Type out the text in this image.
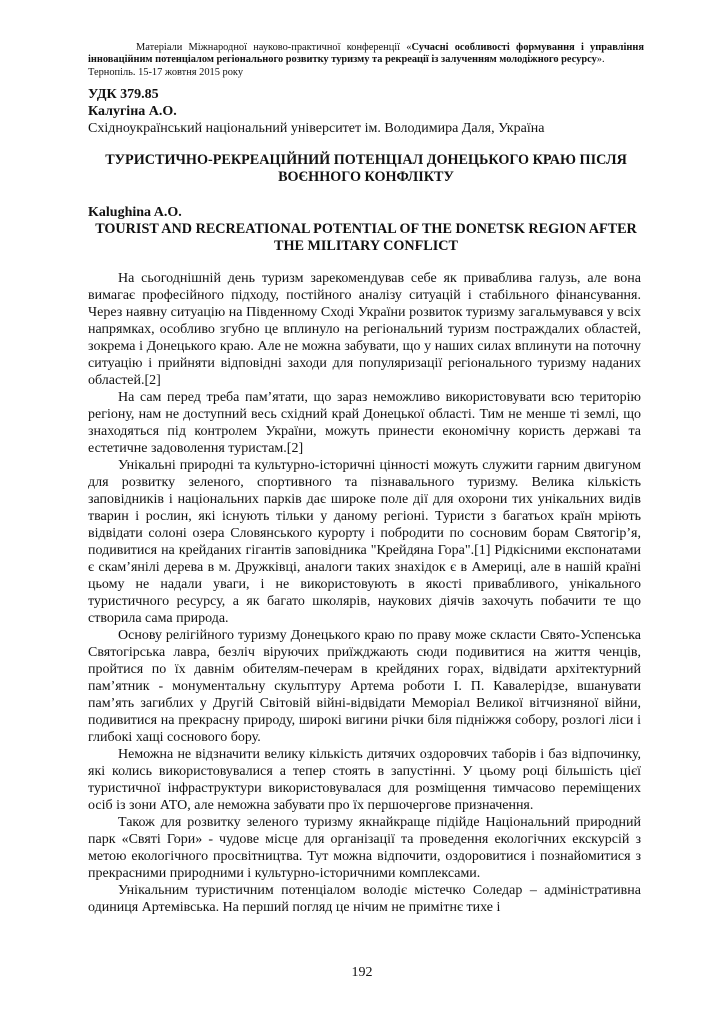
Матеріали Міжнародної науково-практичної конференції «Сучасні особливості формування і управління інноваційним потенціалом регіонального розвитку туризму та рекреації із залученням молодіжного ресурсу».
Тернопіль. 15-17 жовтня 2015 року
УДК 379.85
Калугіна А.О.
Східноукраїнський національний університет ім. Володимира Даля, Україна
ТУРИСТИЧНО-РЕКРЕАЦІЙНИЙ ПОТЕНЦІАЛ ДОНЕЦЬКОГО КРАЮ ПІСЛЯ ВОЄННОГО КОНФЛІКТУ
Kalughina A.O.
TOURIST AND RECREATIONAL POTENTIAL OF THE DONETSK REGION AFTER THE MILITARY CONFLICT

На сьогоднішній день туризм зарекомендував себе як приваблива галузь, але вона вимагає професійного підходу, постійного аналізу ситуацій і стабільного фінансування. Через наявну ситуацію на Південному Сході України розвиток туризму загальмувався у всіх напрямках, особливо згубно це вплинуло на регіональний туризм постраждалих областей, зокрема і Донецького краю. Але не можна забувати, що у наших силах вплинути на поточну ситуацію і прийняти відповідні заходи для популяризації регіонального туризму наданих областей.[2]

На сам перед треба пам’ятати, що зараз неможливо використовувати всю територію регіону, нам не доступний весь східний край Донецької області. Тим не менше ті землі, що знаходяться під контролем України, можуть принести економічну користь державі та естетичне задоволення туристам.[2]

Унікальні природні та культурно-історичні цінності можуть служити гарним двигуном для розвитку зеленого, спортивного та пізнавального туризму. Велика кількість заповідників і національних парків дає широке поле дії для охорони тих унікальних видів тварин і рослин, які існують тільки у даному регіоні. Туристи з багатьох країн мріють відвідати солоні озера Словянського курорту і побродити по сосновим борам Святогір’я, подивитися на крейданих гігантів заповідника "Крейдяна Гора".[1] Рідкісними експонатами є скам’янілі дерева в м. Дружківці, аналоги таких знахідок є в Америці, але в нашій країні цьому не надали уваги, і не використовують в якості привабливого, унікального туристичного ресурсу, а як багато школярів, наукових діячів захочуть побачити те що створила сама природа.

Основу релігійного туризму Донецького краю по праву може скласти Свято-Успенська Святогірська лавра, безліч віруючих приїжджають сюди подивитися на життя ченців, пройтися по їх давнім обителям-печерам в крейдяних горах, відвідати архітектурний пам’ятник - монументальну скульптуру Артема роботи І. П. Кавалерідзе, вшанувати пам’ять загиблих у Другій Світовій війні-відвідати Меморіал Великої вітчизняної війни, подивитися на прекрасну природу, широкі вигини річки біля підніжжя собору, розлогі ліси і глибокі хащі соснового бору.

Неможна не відзначити велику кількість дитячих оздоровчих таборів і баз відпочинку, які колись використовувалися а тепер стоять в запустінні. У цьому році більшість цієї туристичної інфраструктури використовувалася для розміщення тимчасово переміщених осіб із зони АТО, але неможна забувати про їх першочергове призначення.

Також для розвитку зеленого туризму якнайкраще підійде Національний природний парк «Святі Гори» - чудове місце для організації та проведення екологічних екскурсій з метою екологічного просвітництва. Тут можна відпочити, оздоровитися і познайомитися з прекрасними природними і культурно-історичними комплексами.

Унікальним туристичним потенціалом володіє містечко Соледар – адміністративна одиниця Артемівська. На перший погляд це нічим не примітнє тихе і

192
